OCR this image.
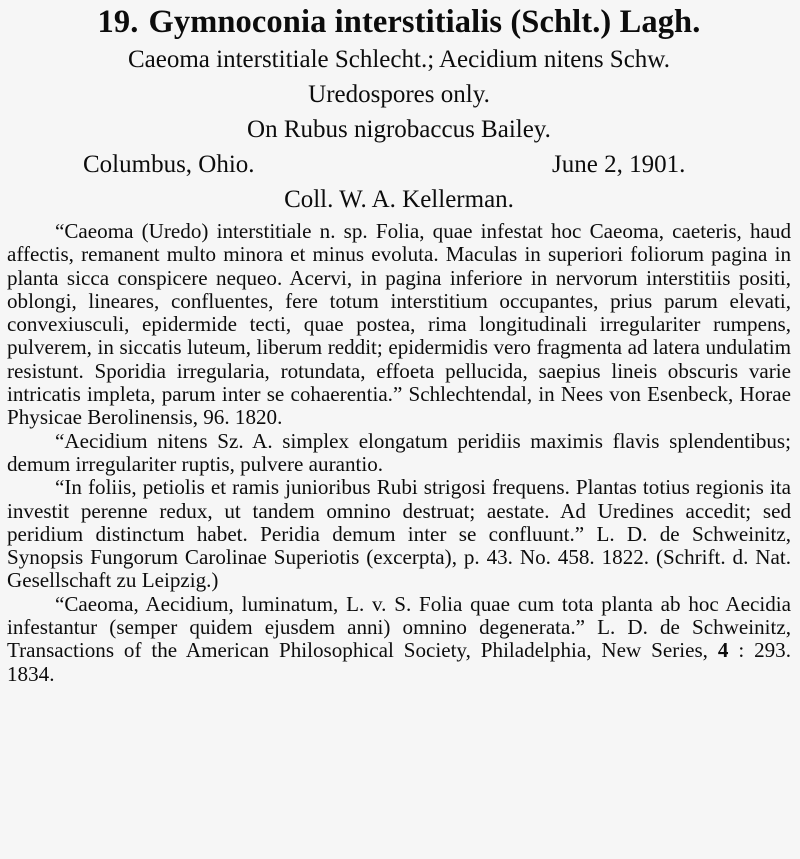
19. Gymnoconia interstitialis (Schlt.) Lagh.
Caeoma interstitiale Schlecht.; Aecidium nitens Schw.
Uredospores only.
On Rubus nigrobaccus Bailey.
Columbus, Ohio.	June 2, 1901.
Coll. W. A. Kellerman.

“Caeoma (Uredo) interstitiale n. sp. Folia, quae infestat hoc Caeoma, caeteris, haud affectis, remanent multo minora et minus evoluta. Maculas in superiori foliorum pagina in planta sicca conspicere nequeo. Acervi, in pagina inferiore in nervorum interstitiis positi, oblongi, lineares, confluentes, fere totum interstitium occupantes, prius parum elevati, convexiusculi, epidermide tecti, quae postea, rima longitudinali irregulariter rumpens, pulverem, in siccatis luteum, liberum reddit; epidermidis vero fragmenta ad latera undulatim resistunt. Sporidia irregularia, rotundata, effoeta pellucida, saepius lineis obscuris varie intricatis impleta, parum inter se cohaerentia.” Schlechtendal, in Nees von Esenbeck, Horae Physicae Berolinensis, 96. 1820.

“Aecidium nitens Sz. A. simplex elongatum peridiis maximis flavis splendentibus; demum irregulariter ruptis, pulvere aurantio.

“In foliis, petiolis et ramis junioribus Rubi strigosi frequens. Plantas totius regionis ita investit perenne redux, ut tandem omnino destruat; aestate. Ad Uredines accedit; sed peridium distinctum habet. Peridia demum inter se confluunt.” L. D. de Schweinitz, Synopsis Fungorum Carolinae Superiotis (excerpta), p. 43. No. 458. 1822. (Schrift. d. Nat. Gesellschaft zu Leipzig.)

“Caeoma, Aecidium, luminatum, L. v. S. Folia quae cum tota planta ab hoc Aecidia infestantur (semper quidem ejusdem anni) omnino degenerata.” L. D. de Schweinitz, Transactions of the American Philosophical Society, Philadelphia, New Series, 4 : 293. 1834.
